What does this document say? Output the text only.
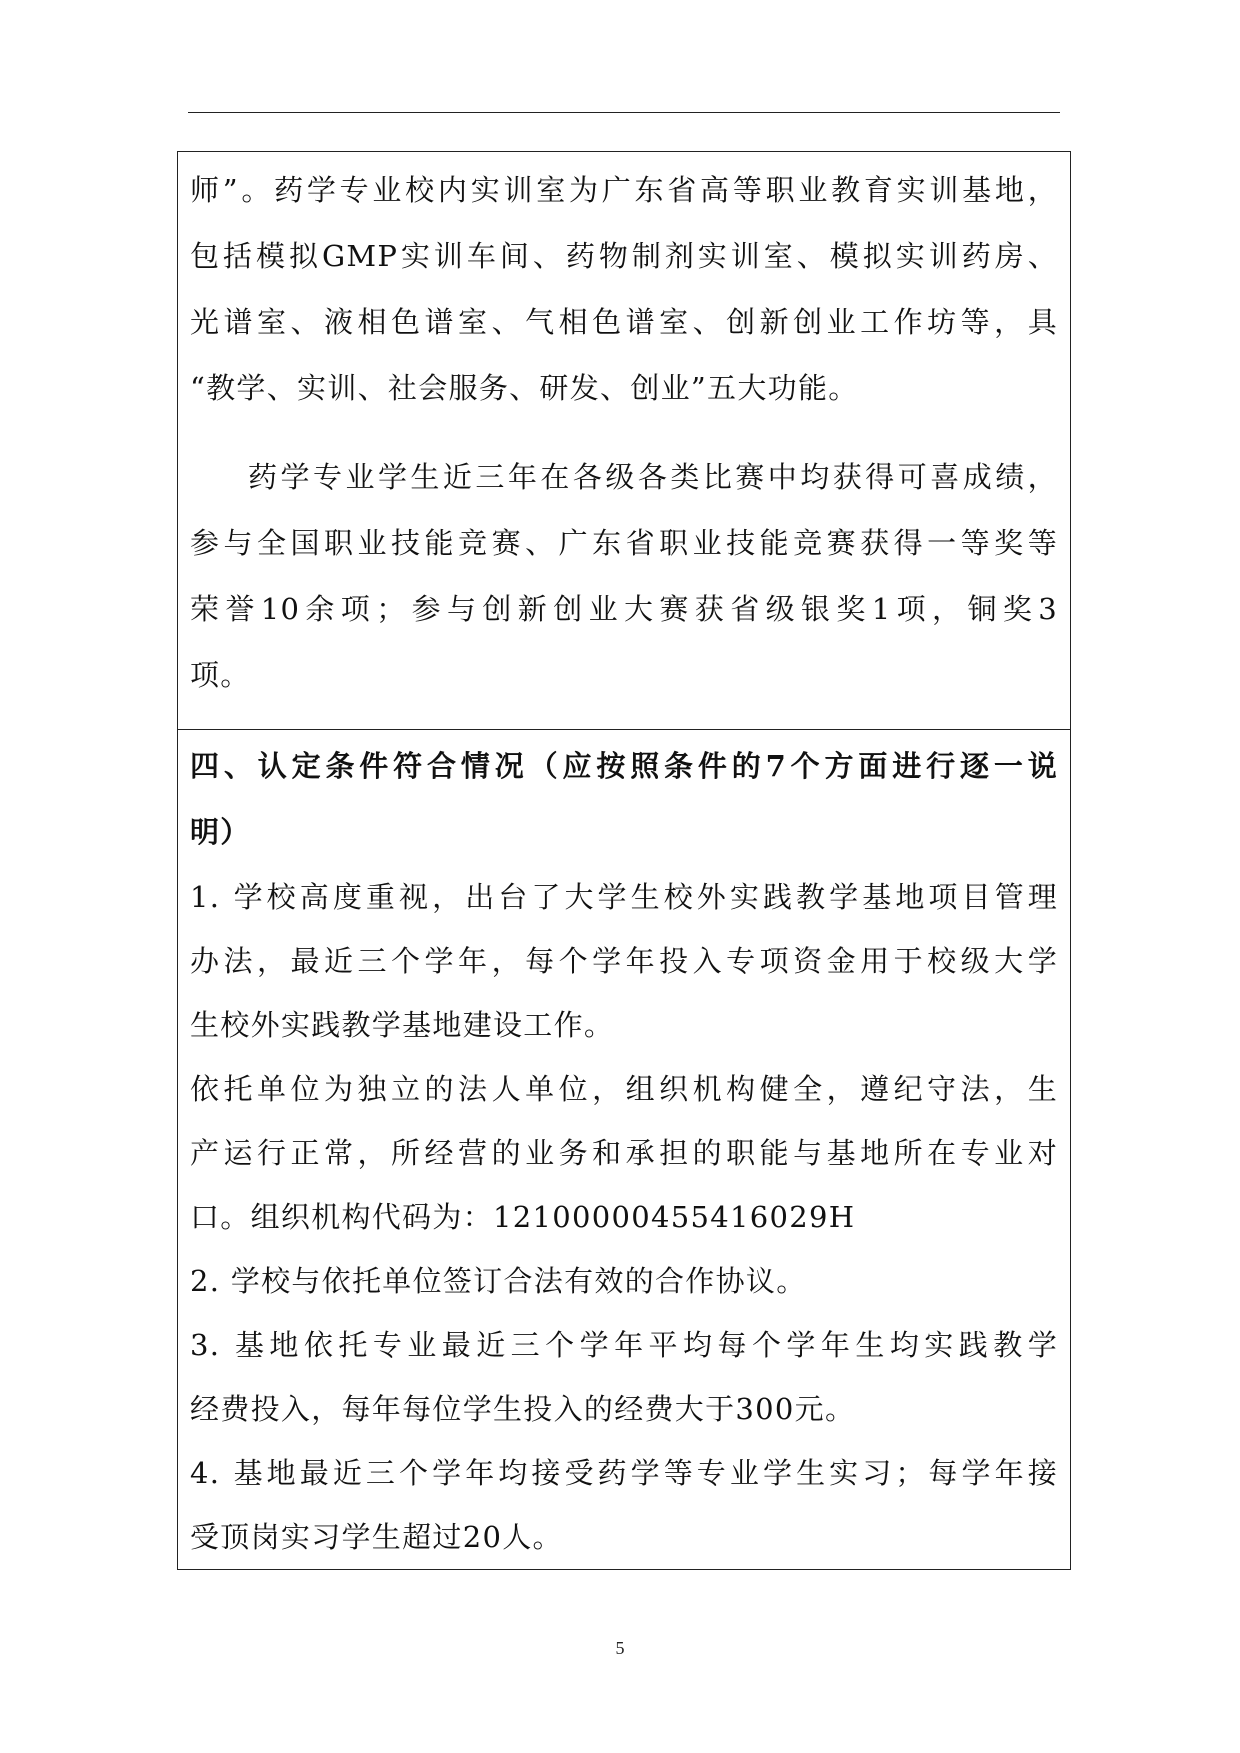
师”。药学专业校内实训室为广东省高等职业教育实训基地，

包括模拟GMP实训车间、药物制剂实训室、模拟实训药房、

光谱室、液相色谱室、气相色谱室、创新创业工作坊等，具

“教学、实训、社会服务、研发、创业”五大功能。

药学专业学生近三年在各级各类比赛中均获得可喜成绩，

参与全国职业技能竞赛、广东省职业技能竞赛获得一等奖等

荣誉10余项；参与创新创业大赛获省级银奖1项，铜奖3

项。

四、认定条件符合情况（应按照条件的7个方面进行逐一说

明）

1. 学校高度重视，出台了大学生校外实践教学基地项目管理

办法，最近三个学年，每个学年投入专项资金用于校级大学

生校外实践教学基地建设工作。

依托单位为独立的法人单位，组织机构健全，遵纪守法，生

产运行正常，所经营的业务和承担的职能与基地所在专业对

口。组织机构代码为：12100000455416029H

2. 学校与依托单位签订合法有效的合作协议。

3. 基地依托专业最近三个学年平均每个学年生均实践教学

经费投入，每年每位学生投入的经费大于300元。

4. 基地最近三个学年均接受药学等专业学生实习；每学年接

受顶岗实习学生超过20人。

5
